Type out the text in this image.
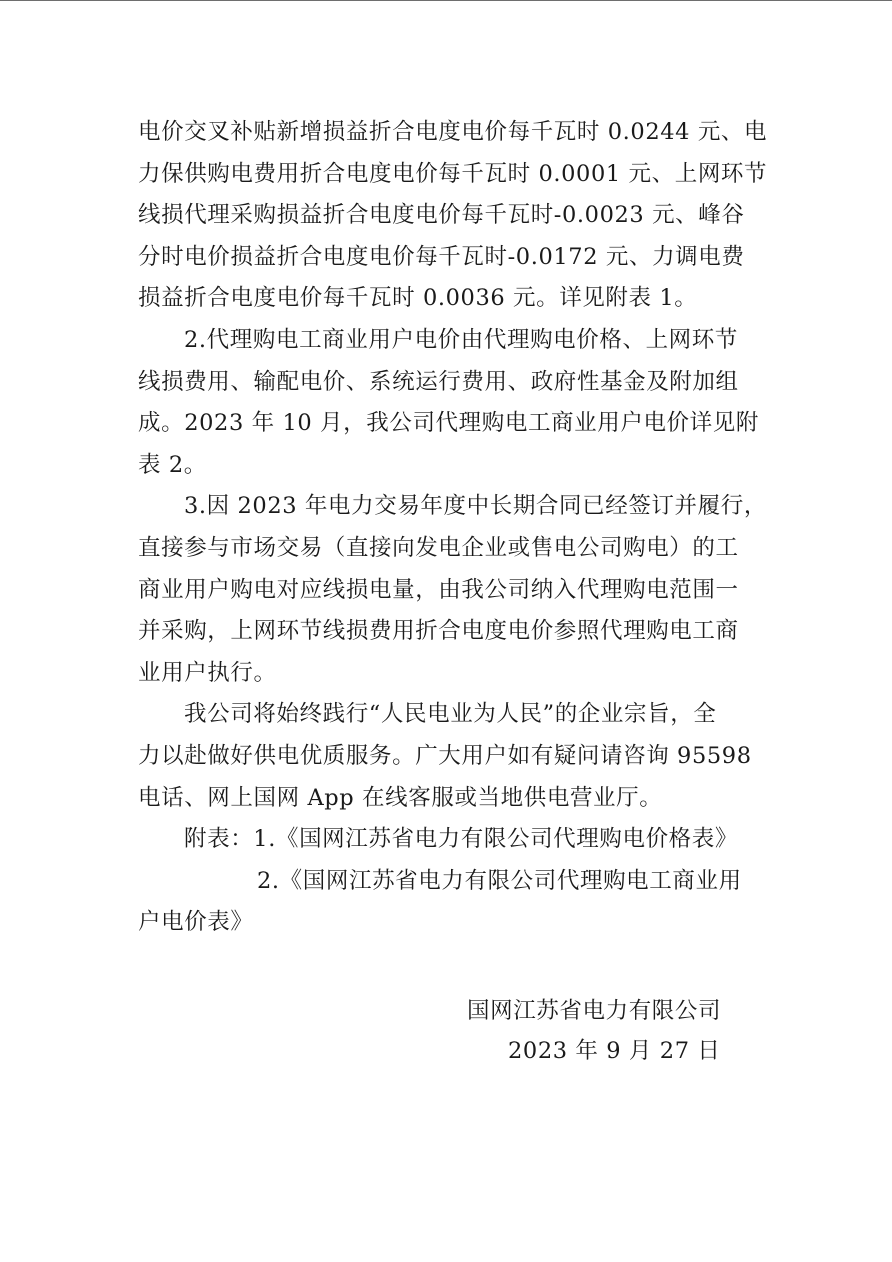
电价交叉补贴新增损益折合电度电价每千瓦时 0.0244 元、电
力保供购电费用折合电度电价每千瓦时 0.0001 元、上网环节
线损代理采购损益折合电度电价每千瓦时-0.0023 元、峰谷
分时电价损益折合电度电价每千瓦时-0.0172 元、力调电费
损益折合电度电价每千瓦时 0.0036 元。详见附表 1。
2.代理购电工商业用户电价由代理购电价格、上网环节
线损费用、输配电价、系统运行费用、政府性基金及附加组
成。2023 年 10 月，我公司代理购电工商业用户电价详见附
表 2。
3.因 2023 年电力交易年度中长期合同已经签订并履行，
直接参与市场交易（直接向发电企业或售电公司购电）的工
商业用户购电对应线损电量，由我公司纳入代理购电范围一
并采购，上网环节线损费用折合电度电价参照代理购电工商
业用户执行。
我公司将始终践行“人民电业为人民”的企业宗旨，全
力以赴做好供电优质服务。广大用户如有疑问请咨询 95598
电话、网上国网 App 在线客服或当地供电营业厅。
附表：1.《国网江苏省电力有限公司代理购电价格表》
2.《国网江苏省电力有限公司代理购电工商业用
户电价表》
国网江苏省电力有限公司
2023 年 9 月 27 日
